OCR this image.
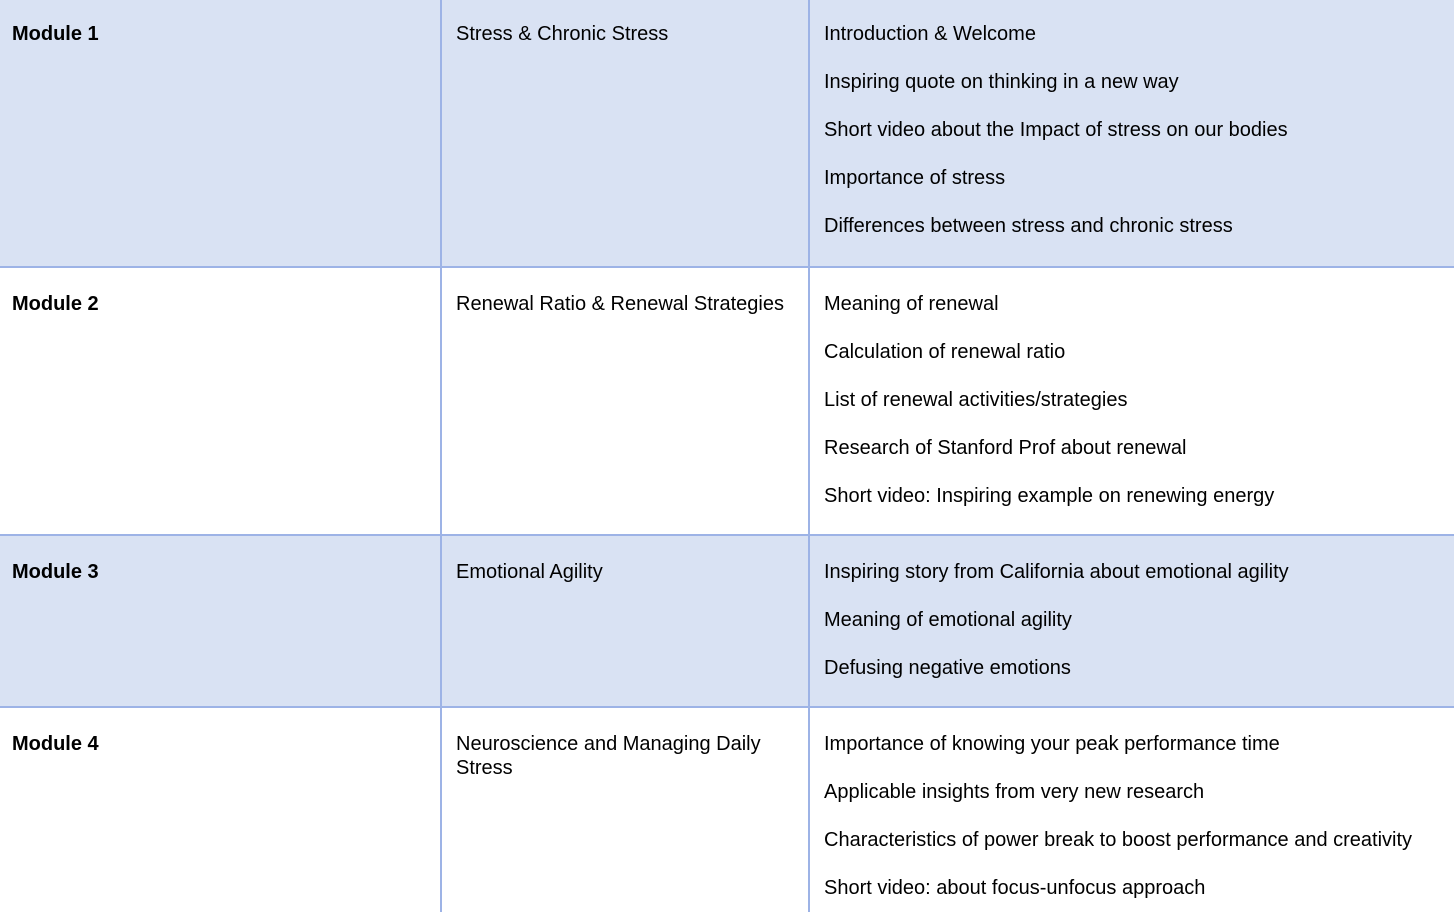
Module 1	Stress & Chronic Stress	Introduction & Welcome
Inspiring quote on thinking in a new way
Short video about the Impact of stress on our bodies
Importance of stress
Differences between stress and chronic stress
Module 2	Renewal Ratio & Renewal Strategies	Meaning of renewal
Calculation of renewal ratio
List of renewal activities/strategies
Research of Stanford Prof about renewal
Short video: Inspiring example on renewing energy
Module 3	Emotional Agility	Inspiring story from California about emotional agility
Meaning of emotional agility
Defusing negative emotions
Module 4	Neuroscience and Managing Daily Stress
Importance of knowing your peak performance time
Applicable insights from very new research
Characteristics of power break to boost performance and creativity
Short video: about focus-unfocus approach
